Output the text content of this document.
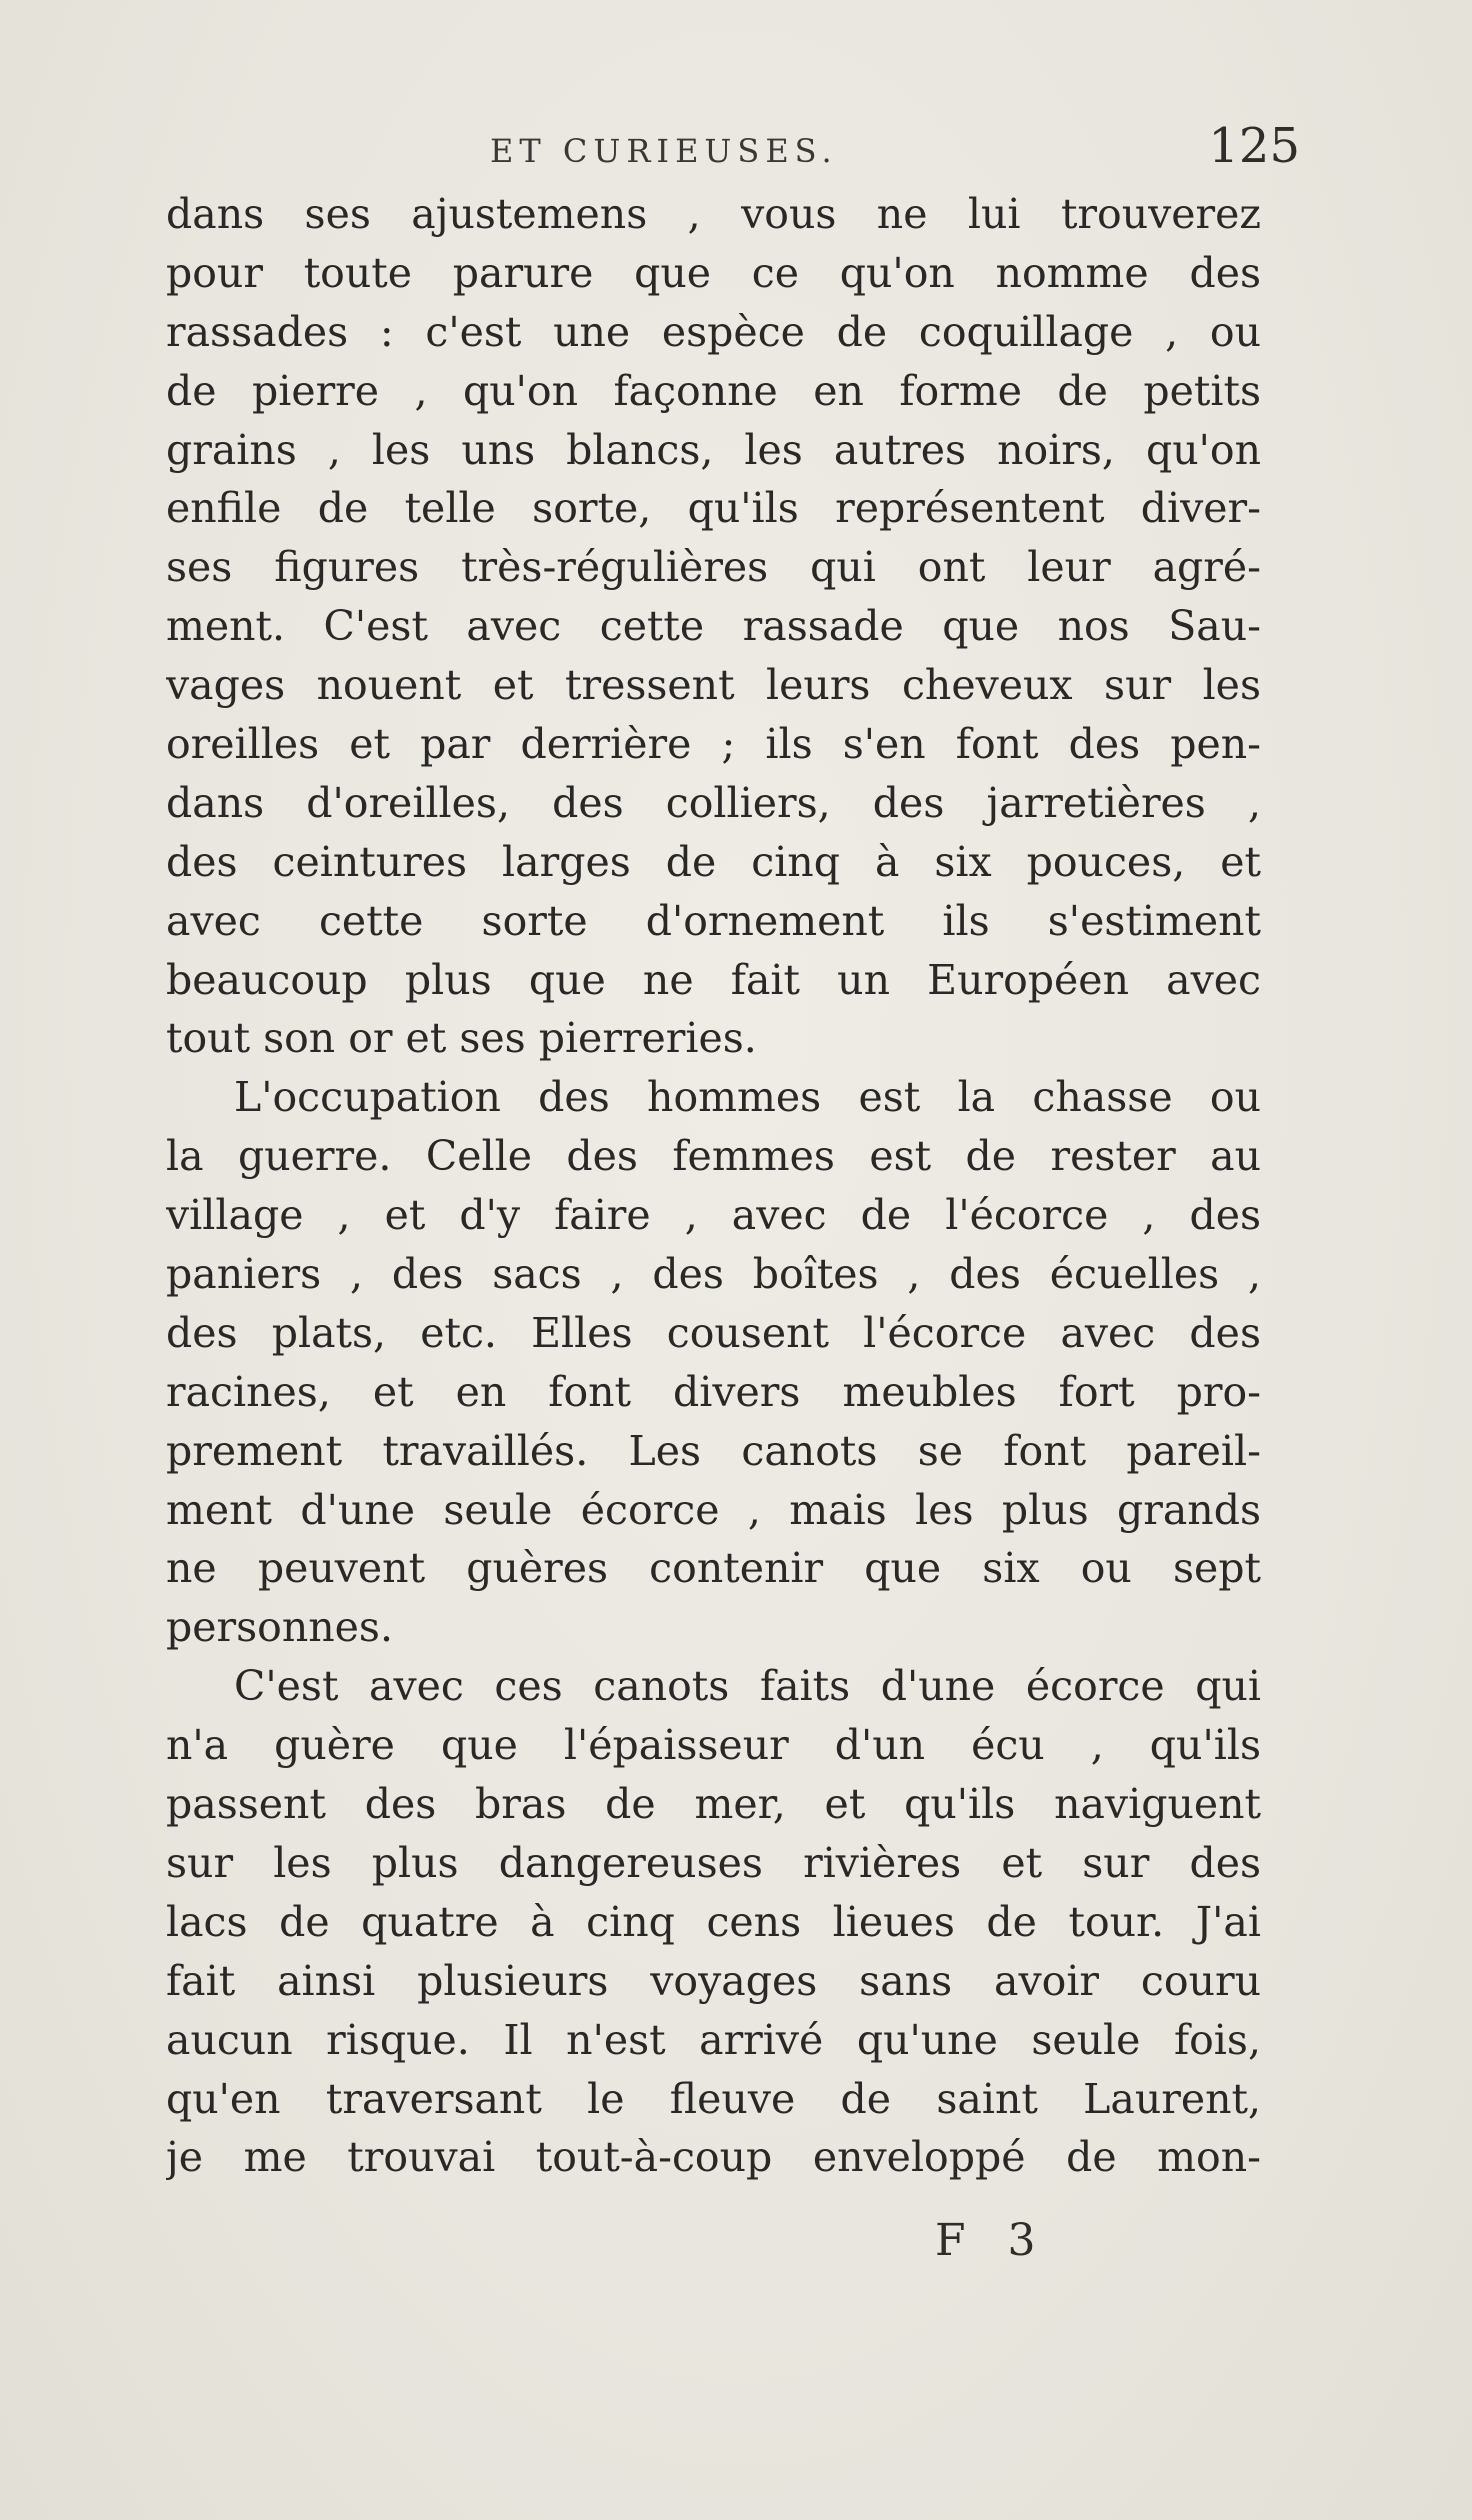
ET CURIEUSES.	125
dans ses ajustemens , vous ne lui trouverez
pour toute parure que ce qu'on nomme des
rassades : c'est une espèce de coquillage , ou
de pierre , qu'on façonne en forme de petits
grains , les uns blancs, les autres noirs, qu'on
enfile de telle sorte, qu'ils représentent diver-
ses figures très-régulières qui ont leur agré-
ment. C'est avec cette rassade que nos Sau-
vages nouent et tressent leurs cheveux sur les
oreilles et par derrière ; ils s'en font des pen-
dans d'oreilles, des colliers, des jarretières ,
des ceintures larges de cinq à six pouces, et
avec cette sorte d'ornement ils s'estiment
beaucoup plus que ne fait un Européen avec
tout son or et ses pierreries.
L'occupation des hommes est la chasse ou
la guerre. Celle des femmes est de rester au
village , et d'y faire , avec de l'écorce , des
paniers , des sacs , des boîtes , des écuelles ,
des plats, etc. Elles cousent l'écorce avec des
racines, et en font divers meubles fort pro-
prement travaillés. Les canots se font pareil-
ment d'une seule écorce , mais les plus grands
ne peuvent guères contenir que six ou sept
personnes.
C'est avec ces canots faits d'une écorce qui
n'a guère que l'épaisseur d'un écu , qu'ils
passent des bras de mer, et qu'ils naviguent
sur les plus dangereuses rivières et sur des
lacs de quatre à cinq cens lieues de tour. J'ai
fait ainsi plusieurs voyages sans avoir couru
aucun risque. Il n'est arrivé qu'une seule fois,
qu'en traversant le fleuve de saint Laurent,
je me trouvai tout-à-coup enveloppé de mon-
F 3
